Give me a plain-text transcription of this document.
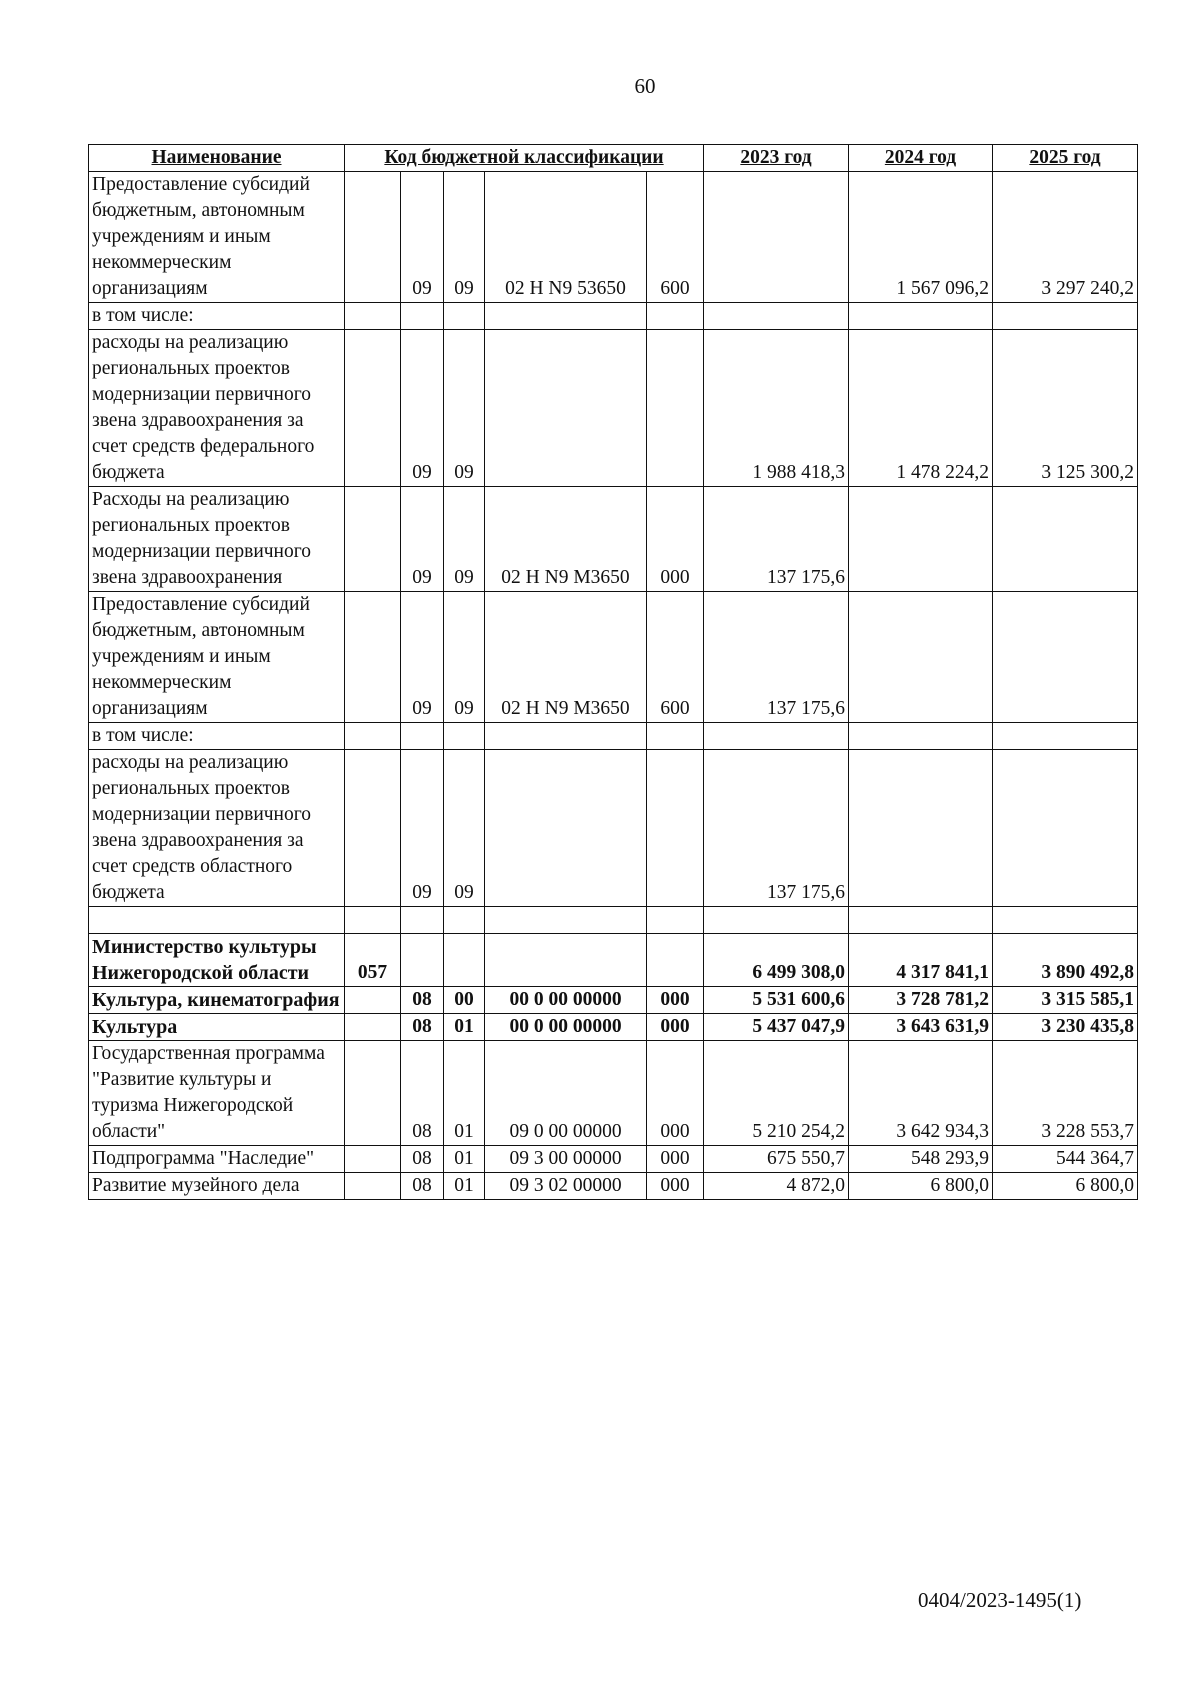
60
Наименование	Код бюджетной классификации					2023 год	2024 год	2025 год
Предоставление субсидий бюджетным, автономным учреждениям и иным некоммерческим организациям		09	09	02 Н N9 53650	600		1 567 096,2	3 297 240,2
в том числе:								
расходы на реализацию региональных проектов модернизации первичного звена здравоохранения за счет средств федерального бюджета		09	09			1 988 418,3	1 478 224,2	3 125 300,2
Расходы на реализацию региональных проектов модернизации первичного звена здравоохранения		09	09	02 Н N9 М3650	000	137 175,6		
Предоставление субсидий бюджетным, автономным учреждениям и иным некоммерческим организациям		09	09	02 Н N9 М3650	600	137 175,6		
в том числе:								
расходы на реализацию региональных проектов модернизации первичного звена здравоохранения за счет средств областного бюджета		09	09			137 175,6		

Министерство культуры Нижегородской области	057					6 499 308,0	4 317 841,1	3 890 492,8
Культура, кинематография		08	00	00 0 00 00000	000	5 531 600,6	3 728 781,2	3 315 585,1
Культура		08	01	00 0 00 00000	000	5 437 047,9	3 643 631,9	3 230 435,8
Государственная программа "Развитие культуры и туризма Нижегородской области"		08	01	09 0 00 00000	000	5 210 254,2	3 642 934,3	3 228 553,7
Подпрограмма "Наследие"		08	01	09 3 00 00000	000	675 550,7	548 293,9	544 364,7
Развитие музейного дела		08	01	09 3 02 00000	000	4 872,0	6 800,0	6 800,0
0404/2023-1495(1)
